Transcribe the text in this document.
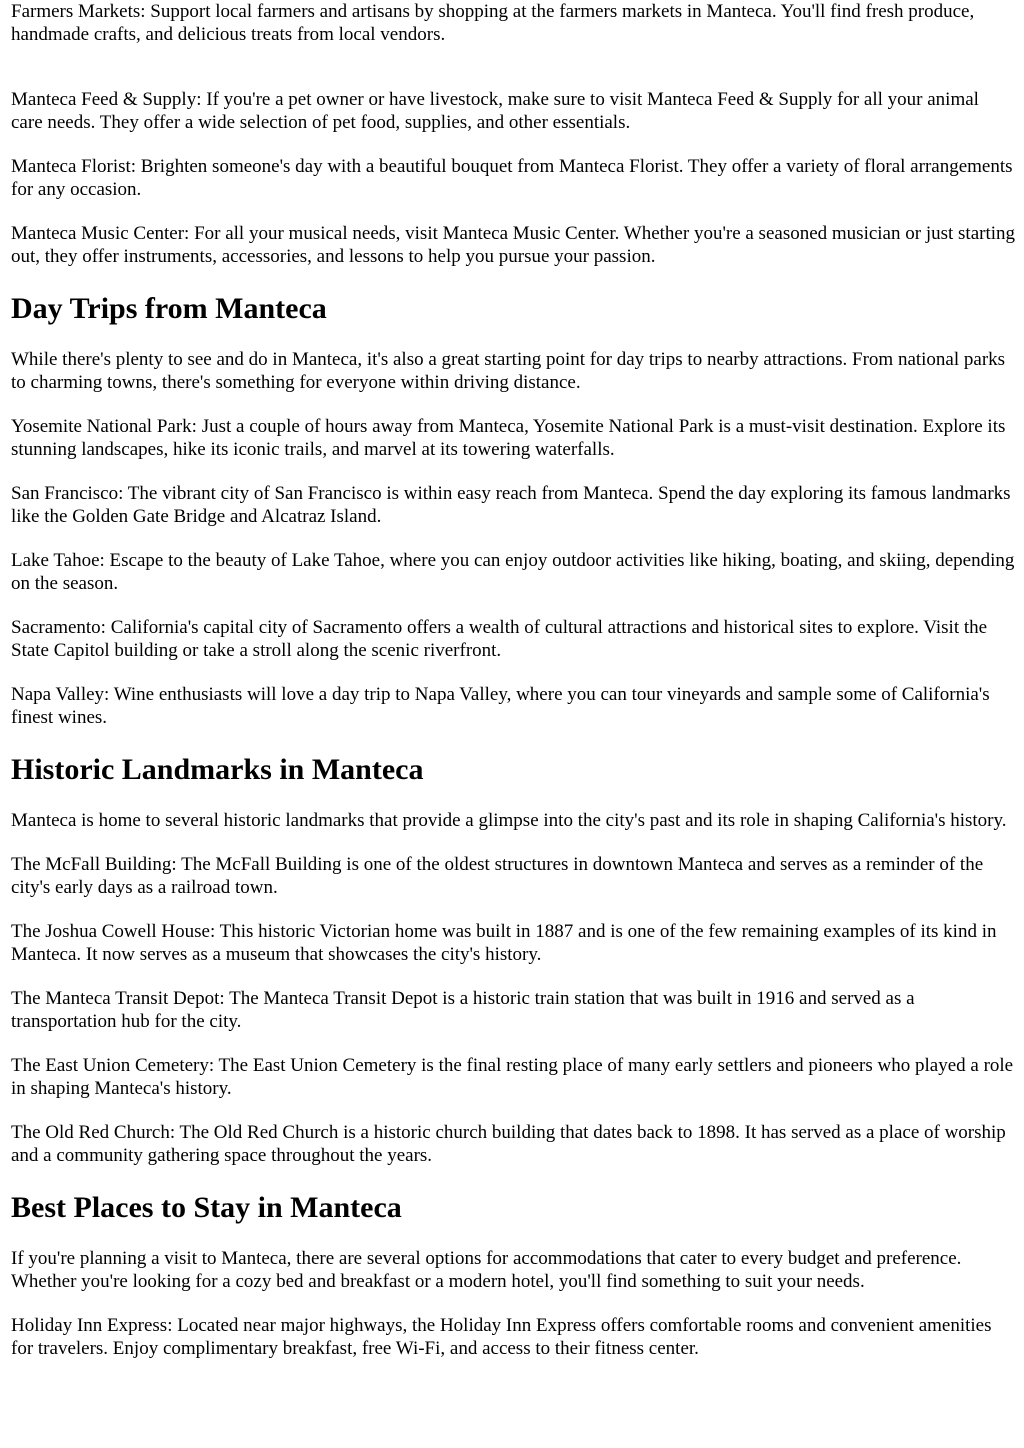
Farmers Markets: Support local farmers and artisans by shopping at the farmers markets in Manteca. You'll find fresh produce, handmade crafts, and delicious treats from local vendors.

Manteca Feed & Supply: If you're a pet owner or have livestock, make sure to visit Manteca Feed & Supply for all your animal care needs. They offer a wide selection of pet food, supplies, and other essentials.

Manteca Florist: Brighten someone's day with a beautiful bouquet from Manteca Florist. They offer a variety of floral arrangements for any occasion.

Manteca Music Center: For all your musical needs, visit Manteca Music Center. Whether you're a seasoned musician or just starting out, they offer instruments, accessories, and lessons to help you pursue your passion.

Day Trips from Manteca

While there's plenty to see and do in Manteca, it's also a great starting point for day trips to nearby attractions. From national parks to charming towns, there's something for everyone within driving distance.

Yosemite National Park: Just a couple of hours away from Manteca, Yosemite National Park is a must-visit destination. Explore its stunning landscapes, hike its iconic trails, and marvel at its towering waterfalls.

San Francisco: The vibrant city of San Francisco is within easy reach from Manteca. Spend the day exploring its famous landmarks like the Golden Gate Bridge and Alcatraz Island.

Lake Tahoe: Escape to the beauty of Lake Tahoe, where you can enjoy outdoor activities like hiking, boating, and skiing, depending on the season.

Sacramento: California's capital city of Sacramento offers a wealth of cultural attractions and historical sites to explore. Visit the State Capitol building or take a stroll along the scenic riverfront.

Napa Valley: Wine enthusiasts will love a day trip to Napa Valley, where you can tour vineyards and sample some of California's finest wines.

Historic Landmarks in Manteca

Manteca is home to several historic landmarks that provide a glimpse into the city's past and its role in shaping California's history.

The McFall Building: The McFall Building is one of the oldest structures in downtown Manteca and serves as a reminder of the city's early days as a railroad town.

The Joshua Cowell House: This historic Victorian home was built in 1887 and is one of the few remaining examples of its kind in Manteca. It now serves as a museum that showcases the city's history.

The Manteca Transit Depot: The Manteca Transit Depot is a historic train station that was built in 1916 and served as a transportation hub for the city.

The East Union Cemetery: The East Union Cemetery is the final resting place of many early settlers and pioneers who played a role in shaping Manteca's history.

The Old Red Church: The Old Red Church is a historic church building that dates back to 1898. It has served as a place of worship and a community gathering space throughout the years.

Best Places to Stay in Manteca

If you're planning a visit to Manteca, there are several options for accommodations that cater to every budget and preference. Whether you're looking for a cozy bed and breakfast or a modern hotel, you'll find something to suit your needs.

Holiday Inn Express: Located near major highways, the Holiday Inn Express offers comfortable rooms and convenient amenities for travelers. Enjoy complimentary breakfast, free Wi-Fi, and access to their fitness center.
